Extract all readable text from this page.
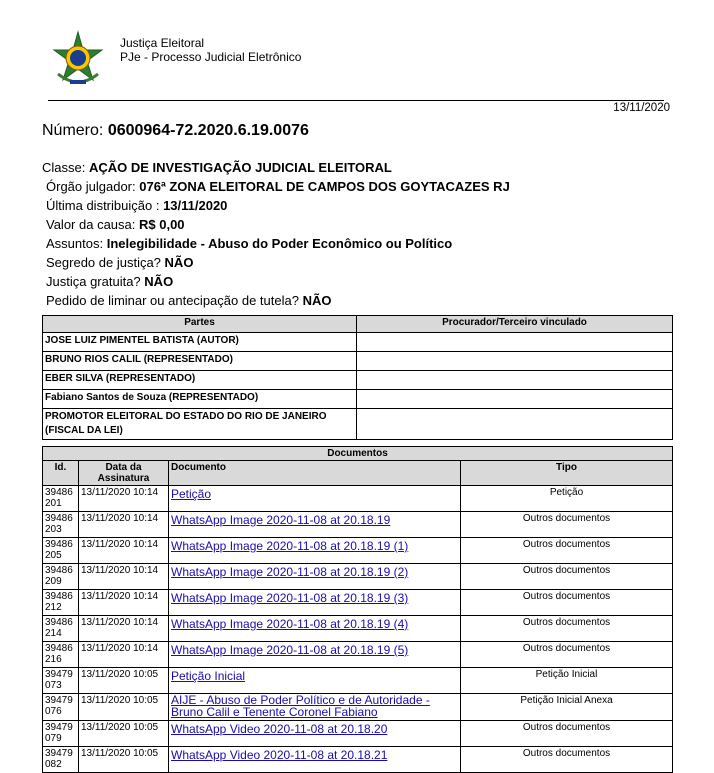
Justiça Eleitoral
PJe - Processo Judicial Eletrônico
13/11/2020
Número: 0600964-72.2020.6.19.0076
Classe: AÇÃO DE INVESTIGAÇÃO JUDICIAL ELEITORAL
Órgão julgador: 076ª ZONA ELEITORAL DE CAMPOS DOS GOYTACAZES RJ
Última distribuição : 13/11/2020
Valor da causa: R$ 0,00
Assuntos: Inelegibilidade - Abuso do Poder Econômico ou Político
Segredo de justiça? NÃO
Justiça gratuita? NÃO
Pedido de liminar ou antecipação de tutela? NÃO
Partes	Procurador/Terceiro vinculado
JOSE LUIZ PIMENTEL BATISTA (AUTOR)	
BRUNO RIOS CALIL (REPRESENTADO)	
EBER SILVA (REPRESENTADO)	
Fabiano Santos de Souza (REPRESENTADO)	
PROMOTOR ELEITORAL DO ESTADO DO RIO DE JANEIRO (FISCAL DA LEI)	
Documentos			
Id.	Data da Assinatura	Documento	Tipo
39486 201	13/11/2020 10:14	Petição	Petição
39486 203	13/11/2020 10:14	WhatsApp Image 2020-11-08 at 20.18.19	Outros documentos
39486 205	13/11/2020 10:14	WhatsApp Image 2020-11-08 at 20.18.19 (1)	Outros documentos
39486 209	13/11/2020 10:14	WhatsApp Image 2020-11-08 at 20.18.19 (2)	Outros documentos
39486 212	13/11/2020 10:14	WhatsApp Image 2020-11-08 at 20.18.19 (3)	Outros documentos
39486 214	13/11/2020 10:14	WhatsApp Image 2020-11-08 at 20.18.19 (4)	Outros documentos
39486 216	13/11/2020 10:14	WhatsApp Image 2020-11-08 at 20.18.19 (5)	Outros documentos
39479 073	13/11/2020 10:05	Petição Inicial	Petição Inicial
39479 076	13/11/2020 10:05	AIJE - Abuso de Poder Político e de Autoridade - Bruno Calil e Tenente Coronel Fabiano	Petição Inicial Anexa
39479 079	13/11/2020 10:05	WhatsApp Video 2020-11-08 at 20.18.20	Outros documentos
39479 082	13/11/2020 10:05	WhatsApp Video 2020-11-08 at 20.18.21	Outros documentos
